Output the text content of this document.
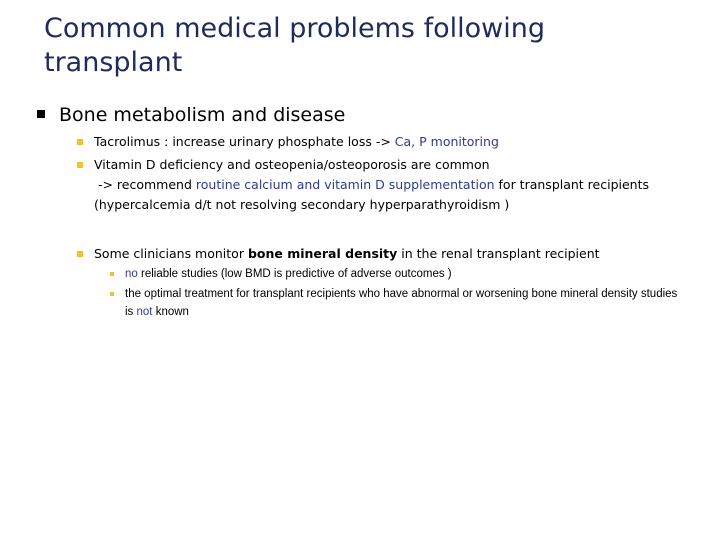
Common medical problems following transplant
Bone metabolism and disease
Tacrolimus : increase urinary phosphate loss -> Ca, P monitoring
Vitamin D deficiency and osteopenia/osteoporosis are common
-> recommend routine calcium and vitamin D supplementation for transplant recipients
(hypercalcemia d/t not resolving secondary hyperparathyroidism )
Some clinicians monitor bone mineral density in the renal transplant recipient
no reliable studies (low BMD is predictive of adverse outcomes )
the optimal treatment for transplant recipients who have abnormal or worsening bone mineral density studies is not known
